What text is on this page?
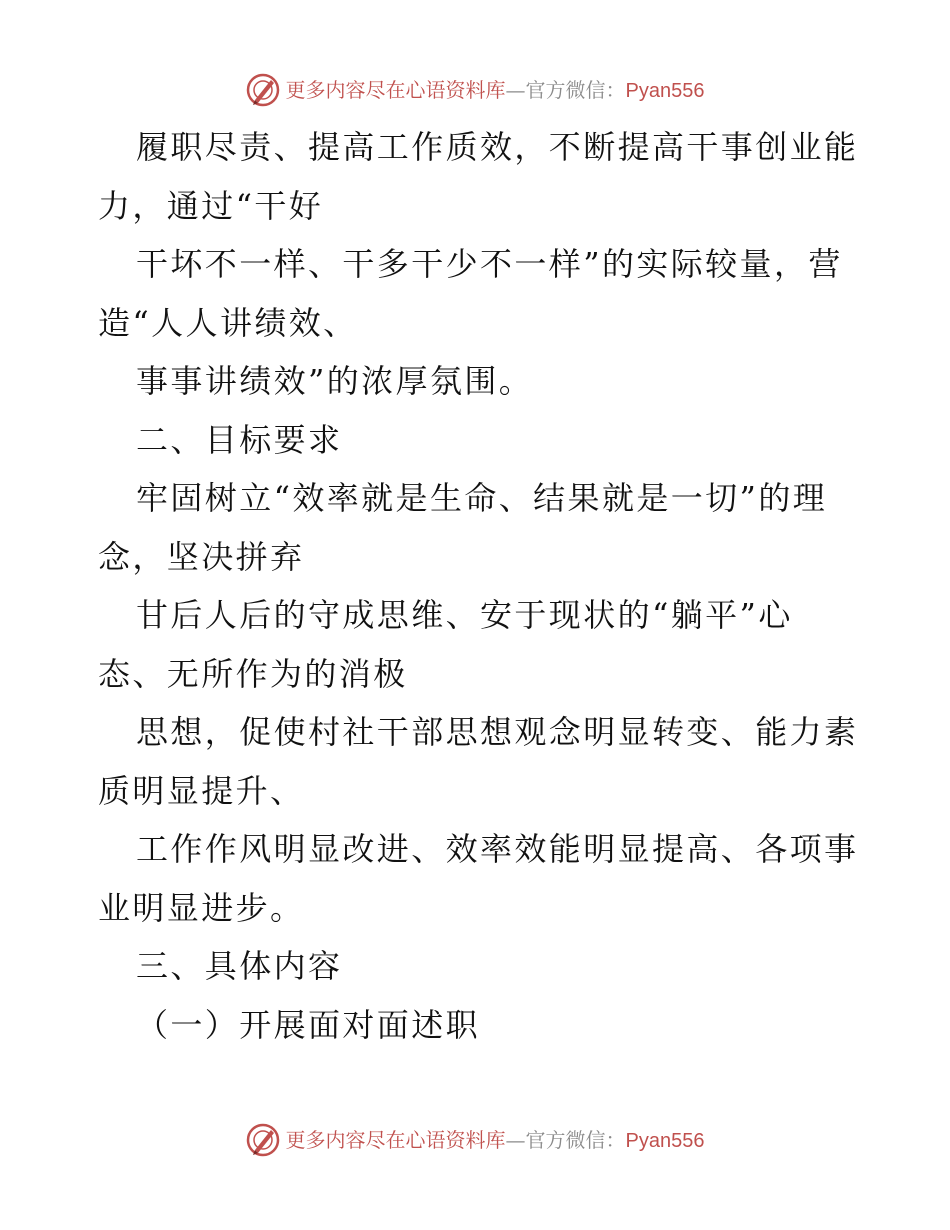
更多内容尽在心语资料库—官方微信：Pyan556
履职尽责、提高工作质效，不断提高干事创业能
力，通过“干好
干坏不一样、干多干少不一样”的实际较量，营
造“人人讲绩效、
事事讲绩效”的浓厚氛围。
二、目标要求
牢固树立“效率就是生命、结果就是一切”的理
念，坚决拼弃
甘后人后的守成思维、安于现状的“躺平”心
态、无所作为的消极
思想，促使村社干部思想观念明显转变、能力素
质明显提升、
工作作风明显改进、效率效能明显提高、各项事
业明显进步。
三、具体内容
（一）开展面对面述职
更多内容尽在心语资料库—官方微信：Pyan556
